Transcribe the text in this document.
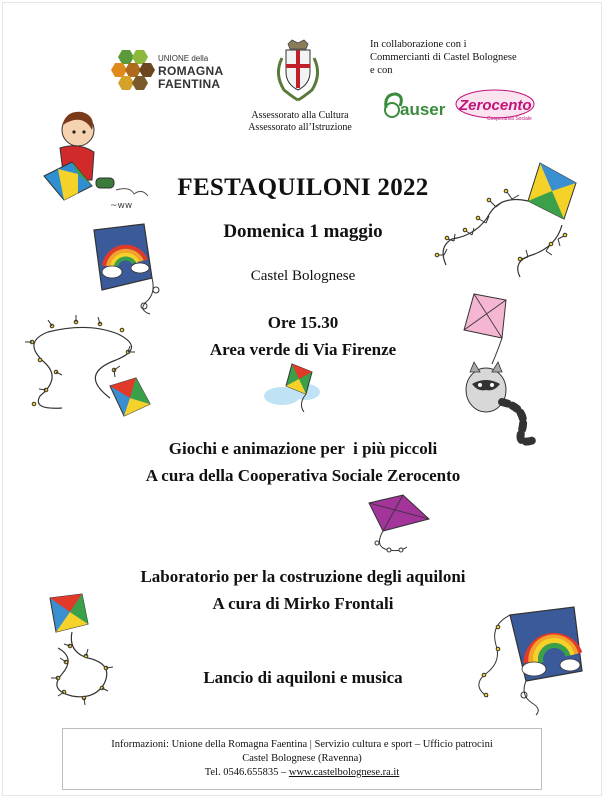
UNIONE della
ROMAGNA
FAENTINA
Assessorato alla Cultura
Assessorato all’Istruzione
In collaborazione con i
Commercianti di Castel Bolognese
e con
auser Zerocento
Cooperativa Sociale
~ww
FESTAQUILONI 2022
Domenica 1 maggio
Castel Bolognese
Ore 15.30
Area verde di Via Firenze
Giochi e animazione per  i più piccoli
A cura della Cooperativa Sociale Zerocento
Laboratorio per la costruzione degli aquiloni
A cura di Mirko Frontali
Lancio di aquiloni e musica
Informazioni: Unione della Romagna Faentina | Servizio cultura e sport – Ufficio patrocini
Castel Bolognese (Ravenna)
Tel. 0546.655835 – www.castelbolognese.ra.it
